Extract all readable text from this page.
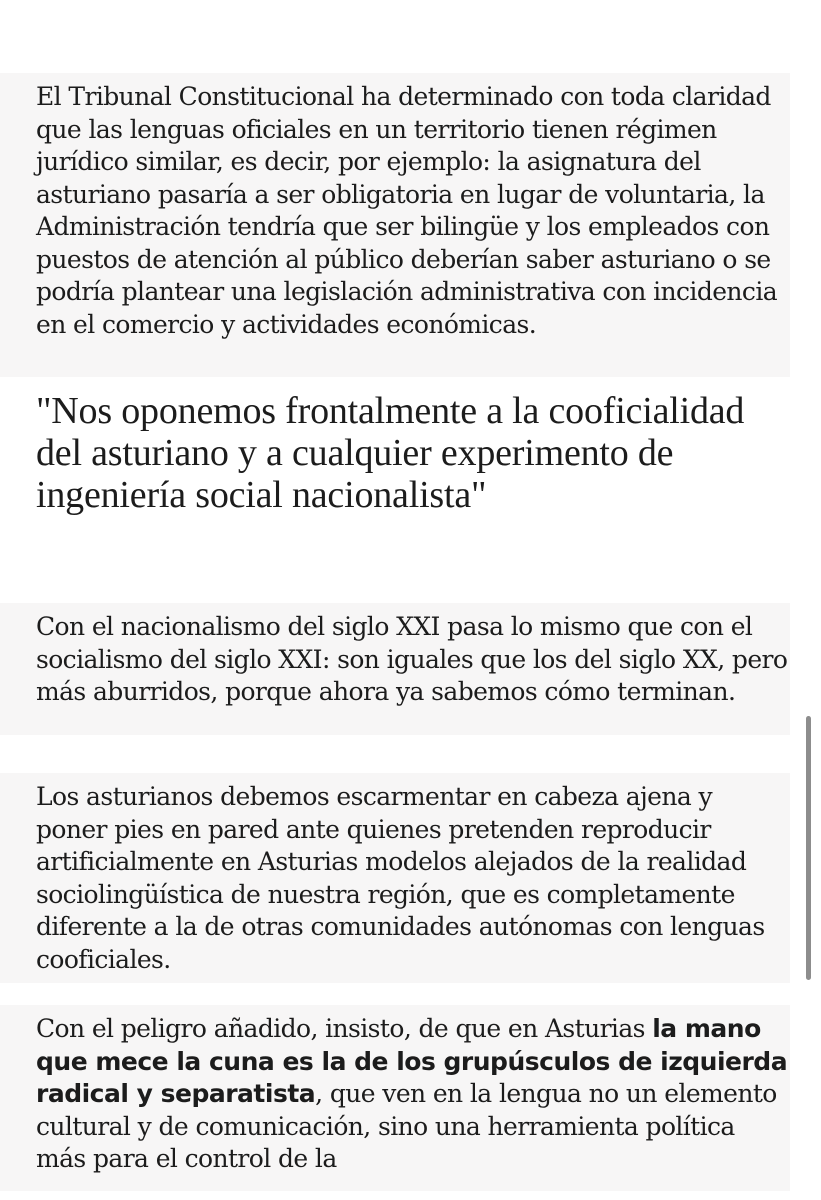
El Tribunal Constitucional ha determinado con toda claridad que las lenguas oficiales en un territorio tienen régimen jurídico similar, es decir, por ejemplo: la asignatura del asturiano pasaría a ser obligatoria en lugar de voluntaria, la Administración tendría que ser bilingüe y los empleados con puestos de atención al público deberían saber asturiano o se podría plantear una legislación administrativa con incidencia en el comercio y actividades económicas.

"Nos oponemos frontalmente a la cooficialidad del asturiano y a cualquier experimento de ingeniería social nacionalista"

Con el nacionalismo del siglo XXI pasa lo mismo que con el socialismo del siglo XXI: son iguales que los del siglo XX, pero más aburridos, porque ahora ya sabemos cómo terminan.

Los asturianos debemos escarmentar en cabeza ajena y poner pies en pared ante quienes pretenden reproducir artificialmente en Asturias modelos alejados de la realidad sociolingüística de nuestra región, que es completamente diferente a la de otras comunidades autónomas con lenguas cooficiales.

Con el peligro añadido, insisto, de que en Asturias la mano que mece la cuna es la de los grupúsculos de izquierda radical y separatista, que ven en la lengua no un elemento cultural y de comunicación, sino una herramienta política más para el control de la
